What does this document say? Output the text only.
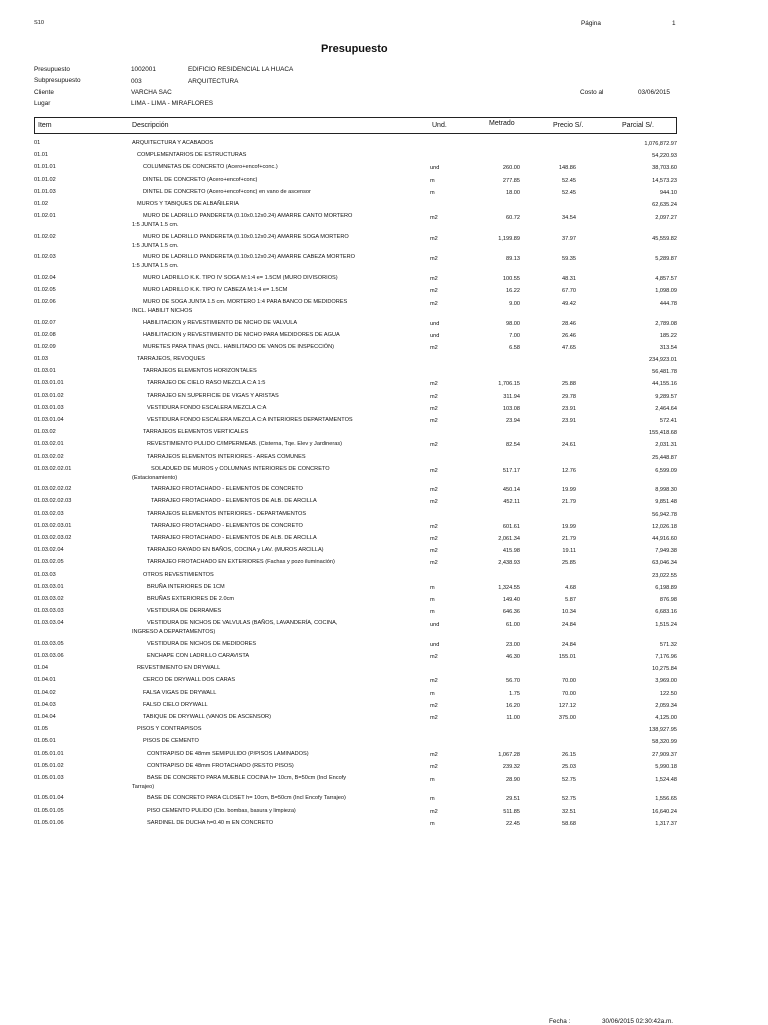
S10	Página	1
Presupuesto
Presupuesto	1002001	EDIFICIO RESIDENCIAL LA HUACA
Subpresupuesto	003	ARQUITECTURA
Cliente	VARCHA SAC	Costo al	03/06/2015
Lugar	LIMA - LIMA - MIRAFLORES
Item	Descripción	Und.	Metrado	Precio S/.	Parcial S/.
01	ARQUITECTURA Y ACABADOS	1,076,872.97
01.01	COMPLEMENTARIOS DE ESTRUCTURAS	54,220.93
01.01.01	COLUMNETAS DE CONCRETO (Acero+encof+conc.)	und	260.00	148.86	38,703.60
01.01.02	DINTEL DE CONCRETO (Acero+encof+conc)	m	277.85	52.45	14,573.23
01.01.03	DINTEL DE CONCRETO (Acero+encof+conc) en vano de ascensor	m	18.00	52.45	944.10
01.02	MUROS Y TABIQUES DE ALBAÑILERIA	62,635.24
01.02.01	MURO DE LADRILLO PANDERETA (0.10x0.12x0.24) AMARRE CANTO MORTERO
1:5 JUNTA 1.5 cm.
m2	60.72	34.54	2,097.27
01.02.02	MURO DE LADRILLO PANDERETA (0.10x0.12x0.24) AMARRE SOGA MORTERO
1:5 JUNTA 1.5 cm.
m2	1,199.89	37.97	45,559.82
01.02.03	MURO DE LADRILLO PANDERETA (0.10x0.12x0.24) AMARRE CABEZA MORTERO
1:5 JUNTA 1.5 cm.
m2	89.13	59.35	5,289.87
01.02.04	MURO LADRILLO K.K. TIPO IV SOGA M:1:4 e= 1.5CM (MURO DIVISORIOS)	m2	100.55	48.31	4,857.57
01.02.05	MURO LADRILLO K.K. TIPO IV CABEZA M:1:4 e= 1.5CM	m2	16.22	67.70	1,098.09
01.02.06	MURO DE SOGA JUNTA 1.5 cm. MORTERO 1:4 PARA BANCO DE MEDIDORES
INCL. HABILIT NICHOS
m2	9.00	49.42	444.78
01.02.07	HABILITACION y REVESTIMIENTO DE NICHO DE VALVULA	und	98.00	28.46	2,789.08
01.02.08	HABILITACION y REVESTIMIENTO DE NICHO PARA MEDIDORES DE AGUA	und	7.00	26.46	185.22
01.02.09	MURETES PARA TINAS (INCL. HABILITADO DE VANOS DE INSPECCIÓN)	m2	6.58	47.65	313.54
01.03	TARRAJEOS, REVOQUES	234,923.01
01.03.01	TARRAJEOS ELEMENTOS HORIZONTALES	56,481.78
01.03.01.01	TARRAJEO DE CIELO RASO MEZCLA C:A 1:5	m2	1,706.15	25.88	44,155.16
01.03.01.02	TARRAJEO EN SUPERFICIE DE VIGAS Y ARISTAS	m2	311.94	29.78	9,289.57
01.03.01.03	VESTIDURA FONDO ESCALERA MEZCLA C:A	m2	103.08	23.91	2,464.64
01.03.01.04	VESTIDURA FONDO ESCALERA MEZCLA C:A INTERIORES DEPARTAMENTOS	m2	23.94	23.91	572.41
01.03.02	TARRAJEOS ELEMENTOS VERTICALES	155,418.68
01.03.02.01	REVESTIMIENTO PULIDO C/IMPERMEAB. (Cisterna, Tqe. Elev y Jardineras)	m2	82.54	24.61	2,031.31
01.03.02.02	TARRAJEOS ELEMENTOS INTERIORES - AREAS COMUNES	25,448.87
01.03.02.02.01	SOLADUED DE MUROS y COLUMNAS INTERIORES DE CONCRETO
(Estacionamiento)
m2	517.17	12.76	6,599.09
01.03.02.02.02	TARRAJEO FROTACHADO - ELEMENTOS DE CONCRETO	m2	450.14	19.99	8,998.30
01.03.02.02.03	TARRAJEO FROTACHADO - ELEMENTOS DE ALB. DE ARCILLA	m2	452.11	21.79	9,851.48
01.03.02.03	TARRAJEOS ELEMENTOS INTERIORES - DEPARTAMENTOS	56,942.78
01.03.02.03.01	TARRAJEO FROTACHADO - ELEMENTOS DE CONCRETO	m2	601.61	19.99	12,026.18
01.03.02.03.02	TARRAJEO FROTACHADO - ELEMENTOS DE ALB. DE ARCILLA	m2	2,061.34	21.79	44,916.60
01.03.02.04	TARRAJEO RAYADO EN BAÑOS, COCINA y LAV. (MUROS ARCILLA)	m2	415.98	19.11	7,949.38
01.03.02.05	TARRAJEO FROTACHADO EN EXTERIORES (Fachas y pozo iluminación)	m2	2,438.93	25.85	63,046.34
01.03.03	OTROS REVESTIMIENTOS	23,022.55
01.03.03.01	BRUÑA INTERIORES DE 1CM	m	1,324.55	4.68	6,198.89
01.03.03.02	BRUÑAS EXTERIORES DE 2.0cm	m	149.40	5.87	876.98
01.03.03.03	VESTIDURA DE DERRAMES	m	646.36	10.34	6,683.16
01.03.03.04	VESTIDURA DE NICHOS DE VALVULAS (BAÑOS, LAVANDERÍA, COCINA,
INGRESO A DEPARTAMENTOS)
und	61.00	24.84	1,515.24
01.03.03.05	VESTIDURA DE NICHOS DE MEDIDORES	und	23.00	24.84	571.32
01.03.03.06	ENCHAPE CON LADRILLO CARAVISTA	m2	46.30	155.01	7,176.96
01.04	REVESTIMIENTO EN DRYWALL	10,275.84
01.04.01	CERCO DE DRYWALL DOS CARAS	m2	56.70	70.00	3,969.00
01.04.02	FALSA VIGAS DE DRYWALL	m	1.75	70.00	122.50
01.04.03	FALSO CIELO DRYWALL	m2	16.20	127.12	2,059.34
01.04.04	TABIQUE DE DRYWALL (VANOS DE ASCENSOR)	m2	11.00	375.00	4,125.00
01.05	PISOS Y CONTRAPISOS	138,927.95
01.05.01	PISOS DE CEMENTO	58,320.99
01.05.01.01	CONTRAPISO DE 48mm SEMIPULIDO (P/PISOS LAMINADOS)	m2	1,067.28	26.15	27,909.37
01.05.01.02	CONTRAPISO DE 48mm FROTACHADO (RESTO PISOS)	m2	239.32	25.03	5,990.18
01.05.01.03	BASE DE CONCRETO PARA MUEBLE COCINA h= 10cm, B=50cm (Incl Encofy
Tarrajeo)
m	28.90	52.75	1,524.48
01.05.01.04	BASE DE CONCRETO PARA CLOSET h= 10cm, B=50cm (Incl Encofy Tarrajeo)	m	29.51	52.75	1,556.65
01.05.01.05	PISO CEMENTO PULIDO (Cto. bombas, basura y limpieza)	m2	511.85	32.51	16,640.24
01.05.01.06	SARDINEL DE DUCHA h=0.40 m EN CONCRETO	m	22.45	58.68	1,317.37
Fecha :	30/06/2015 02:30:42a.m.
